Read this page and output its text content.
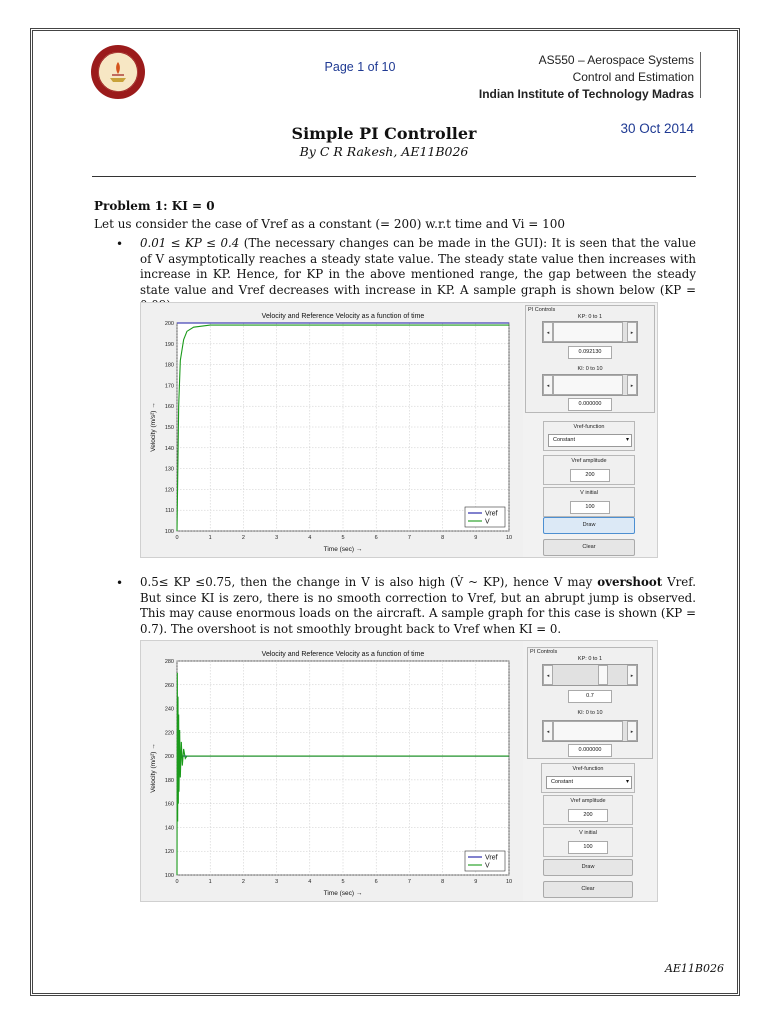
Page 1 of 10	AS550 – Aerospace Systems
Control and Estimation
Indian Institute of Technology Madras
Simple PI Controller
By C R Rakesh, AE11B026
30 Oct 2014
Problem 1: KI = 0
Let us consider the case of Vref as a constant (= 200) w.r.t time and Vi = 100
• 0.01 ≤ KP ≤ 0.4 (The necessary changes can be made in the GUI): It is seen that the value of V asymptotically reaches a steady state value. The steady state value then increases with increase in KP. Hence, for KP in the above mentioned range, the gap between the steady state value and Vref decreases with increase in KP. A sample graph is shown below (KP =
0	1	2	3	4	5	6	7	8	9	10
100
110
120
130
140
150
160
170
180
190
200
Velocity and Reference Velocity as a function of time
Time (sec) →
Velocity (m/s²) →
Vref
V
PI Controls
KP: 0 to 1
◂	▸
0.092130
KI: 0 to 10
◂	▸
0.000000
Vref-function
Constant	▾
Vref amplitude
200
V initial
100
Draw
Clear
• 0.5≤ KP ≤0.75, then the change in V is also high (V̇ ~ KP), hence V may overshoot Vref. But since KI is zero, there is no smooth correction to Vref, but an abrupt jump is observed. This may cause enormous loads on the aircraft. A sample graph for this case is shown (KP = 0.7). The overshoot is not smoothly brought back to Vref when KI = 0.
0	1	2	3	4	5	6	7	8	9	10
100
120
140
160
180
200
220
240
260
280
Velocity and Reference Velocity as a function of time
Time (sec) →
Velocity (m/s²) →
Vref
V
PI Controls
KP: 0 to 1
◂	▸
0.7
KI: 0 to 10
◂	▸
0.000000
Vref-function
Constant	▾
Vref amplitude
200
V initial
100
Draw
Clear
AE11B026
